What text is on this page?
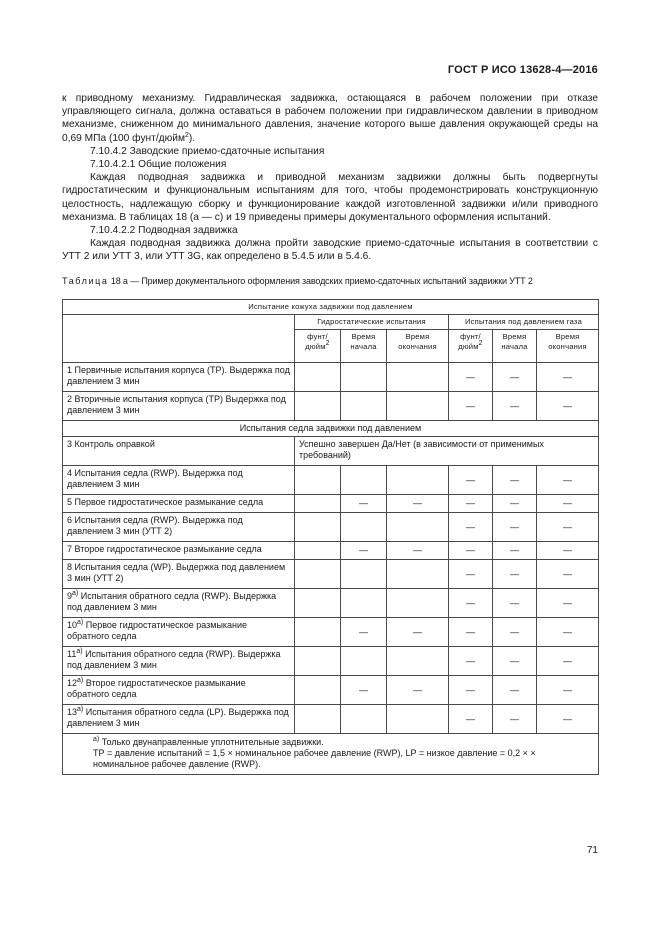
ГОСТ Р ИСО 13628-4—2016

к приводному механизму. Гидравлическая задвижка, остающаяся в рабочем положении при отказе управляющего сигнала, должна оставаться в рабочем положении при гидравлическом давлении в приводном механизме, сниженном до минимального давления, значение которого выше давления окружающей среды на 0,69 МПа (100 фунт/дюйм$^2$).

7.10.4.2 Заводские приемо-сдаточные испытания

7.10.4.2.1 Общие положения

Каждая подводная задвижка и приводной механизм задвижки должны быть подвергнуты гидростатическим и функциональным испытаниям для того, чтобы продемонстрировать конструкционную целостность, надлежащую сборку и функционирование каждой изготовленной задвижки и/или приводного механизма. В таблицах 18 (а — с) и 19 приведены примеры документального оформления испытаний.

7.10.4.2.2 Подводная задвижка

Каждая подводная задвижка должна пройти заводские приемо-сдаточные испытания в соответствии с УТТ 2 или УТТ 3, или УТТ 3G, как определено в 5.4.5 или в 5.4.6.

Таблица 18 а — Пример документального оформления заводских приемо-сдаточных испытаний задвижки УТТ 2
Испытание кожуха задвижки под давлением						
	Гидростатические испытания			Испытания под давлением газа		
	фунт/ дюйм$^2$	Время начала	Время окончания	фунт/ дюйм$^2$	Время начала	Время окончания
1 Первичные испытания корпуса (ТР). Выдержка под давлением 3 мин				—	—	—
2 Вторичные испытания корпуса (ТР) Выдержка под давлением 3 мин				—	—	—
Испытания седла задвижки под давлением						
3 Контроль оправкой	Успешно завершен Да/Нет (в зависимости от применимых требований)					
4 Испытания седла (RWP). Выдержка под давлением 3 мин				—	—	—
5 Первое гидростатическое размыкание седла		—	—	—	—	—
6 Испытания седла (RWP). Выдержка под давлением 3 мин (УТТ 2)				—	—	—
7 Второе гидростатическое размыкание седла		—	—	—	—	—
8 Испытания седла (WP). Выдержка под давлением 3 мин (УТТ 2)				—	—	—
$9^{а)}$ Испытания обратного седла (RWP). Выдержка под давлением 3 мин				—	—	—
$10^{а)}$ Первое гидростатическое размыкание обратного седла		—	—	—	—	—
$11^{а)}$ Испытания обратного седла (RWP). Выдержка под давлением 3 мин				—	—	—
$12^{а)}$ Второе гидростатическое размыкание обратного седла		—	—	—	—	—
$13^{а)}$ Испытания обратного седла (LP). Выдержка под давлением 3 мин				—	—	—

$^{а)}$ Только двунаправленные уплотнительные задвижки.
ТР = давление испытаний = 1,5 × номинальное рабочее давление (RWP), LP = низкое давление = 0,2 × × номинальное рабочее давление (RWP).						
71
